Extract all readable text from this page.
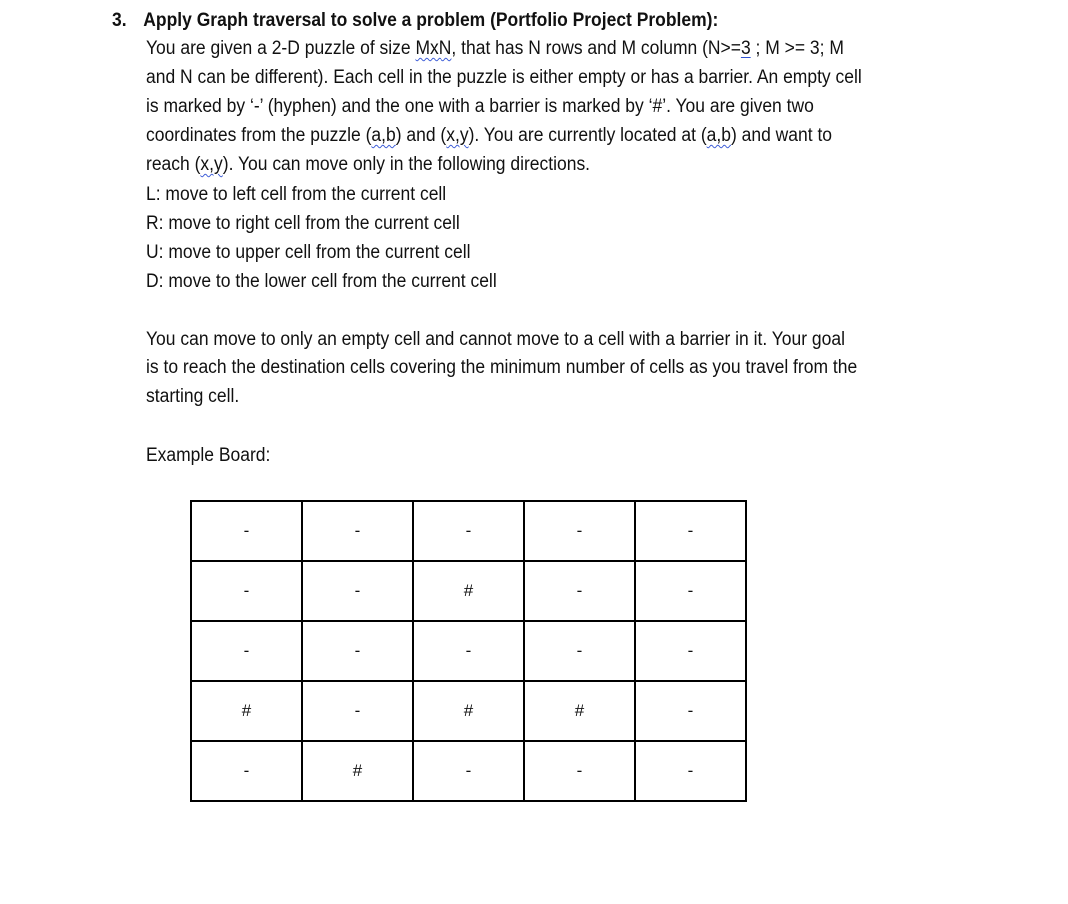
3. Apply Graph traversal to solve a problem (Portfolio Project Problem):
You are given a 2-D puzzle of size MxN, that has N rows and M column (N>=3 ; M >= 3; M
and N can be different). Each cell in the puzzle is either empty or has a barrier. An empty cell
is marked by ‘-’ (hyphen) and the one with a barrier is marked by ‘#’. You are given two
coordinates from the puzzle (a,b) and (x,y). You are currently located at (a,b) and want to
reach (x,y). You can move only in the following directions.
L: move to left cell from the current cell
R: move to right cell from the current cell
U: move to upper cell from the current cell
D: move to the lower cell from the current cell
You can move to only an empty cell and cannot move to a cell with a barrier in it. Your goal
is to reach the destination cells covering the minimum number of cells as you travel from the
starting cell.
Example Board:
-	-	-	-	-
-	-	#	-	-
-	-	-	-	-
#	-	#	#	-
-	#	-	-	-
